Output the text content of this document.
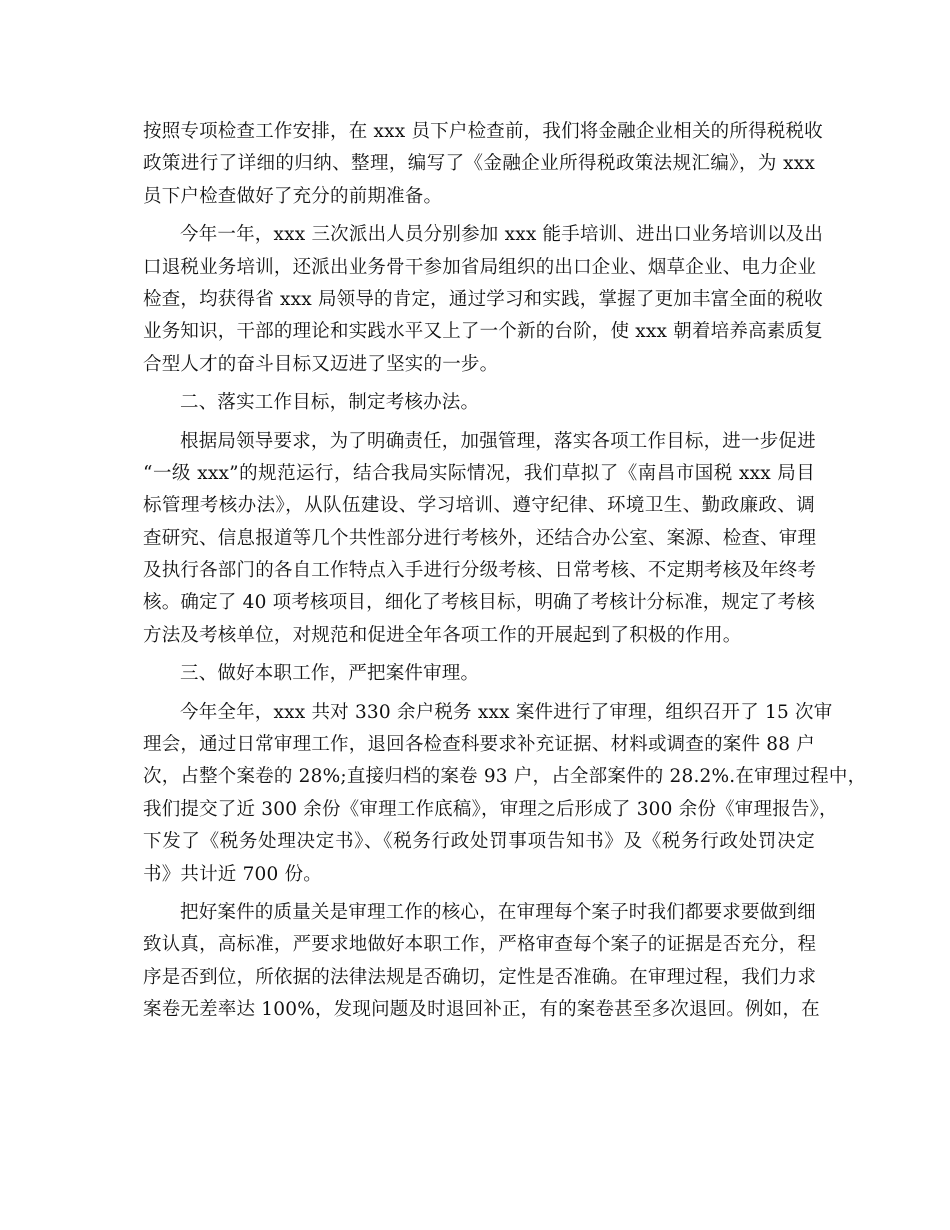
按照专项检查工作安排，在 xxx 员下户检查前，我们将金融企业相关的所得税税收
政策进行了详细的归纳、整理，编写了《金融企业所得税政策法规汇编》，为 xxx
员下户检查做好了充分的前期准备。
今年一年，xxx 三次派出人员分别参加 xxx 能手培训、进出口业务培训以及出
口退税业务培训，还派出业务骨干参加省局组织的出口企业、烟草企业、电力企业
检查，均获得省 xxx 局领导的肯定，通过学习和实践，掌握了更加丰富全面的税收
业务知识，干部的理论和实践水平又上了一个新的台阶，使 xxx 朝着培养高素质复
合型人才的奋斗目标又迈进了坚实的一步。
二、落实工作目标，制定考核办法。
根据局领导要求，为了明确责任，加强管理，落实各项工作目标，进一步促进
“一级 xxx”的规范运行，结合我局实际情况，我们草拟了《南昌市国税 xxx 局目
标管理考核办法》，从队伍建设、学习培训、遵守纪律、环境卫生、勤政廉政、调
查研究、信息报道等几个共性部分进行考核外，还结合办公室、案源、检查、审理
及执行各部门的各自工作特点入手进行分级考核、日常考核、不定期考核及年终考
核。确定了 40 项考核项目，细化了考核目标，明确了考核计分标准，规定了考核
方法及考核单位，对规范和促进全年各项工作的开展起到了积极的作用。
三、做好本职工作，严把案件审理。
今年全年，xxx 共对 330 余户税务 xxx 案件进行了审理，组织召开了 15 次审
理会，通过日常审理工作，退回各检查科要求补充证据、材料或调查的案件 88 户
次，占整个案卷的 28%;直接归档的案卷 93 户，占全部案件的 28.2%.在审理过程中，
我们提交了近 300 余份《审理工作底稿》，审理之后形成了 300 余份《审理报告》，
下发了《税务处理决定书》、《税务行政处罚事项告知书》及《税务行政处罚决定
书》共计近 700 份。
把好案件的质量关是审理工作的核心，在审理每个案子时我们都要求要做到细
致认真，高标准，严要求地做好本职工作，严格审查每个案子的证据是否充分，程
序是否到位，所依据的法律法规是否确切，定性是否准确。在审理过程，我们力求
案卷无差率达 100%，发现问题及时退回补正，有的案卷甚至多次退回。例如，在
